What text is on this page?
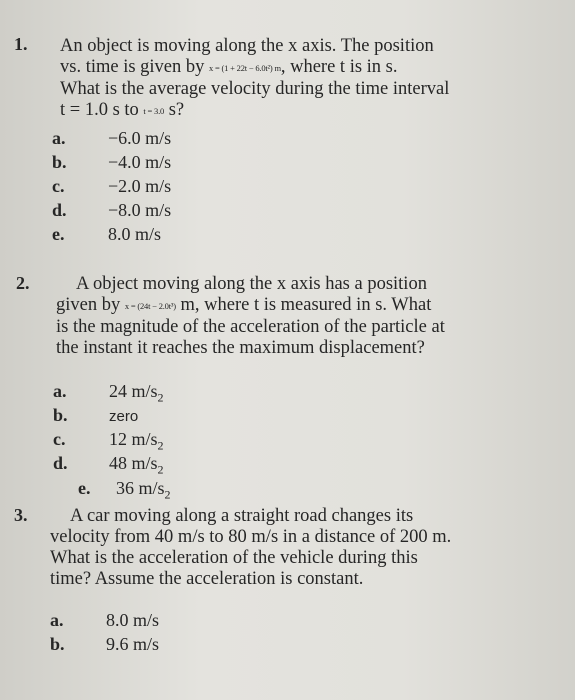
1. An object is moving along the x axis. The position
vs. time is given by x = (1 + 22t − 6.0t²) m, where t is in s.
What is the average velocity during the time interval
t = 1.0 s to t = 3.0 s?
a. −6.0 m/s
b. −4.0 m/s
c. −2.0 m/s
d. −8.0 m/s
e. 8.0 m/s
2.	A object moving along the x axis has a position
given by x = (24t − 2.0t³) m, where t is measured in s. What
is the magnitude of the acceleration of the particle at
the instant it reaches the maximum displacement?
a. 24 $m/s_2$
b.	zero
c. 12 $m/s_2$
d. 48 $m/s_2$
e. 36 $m/s_2$
3.	A car moving along a straight road changes its
velocity from 40 m/s to 80 m/s in a distance of 200 m.
What is the acceleration of the vehicle during this
time? Assume the acceleration is constant.
a. 8.0 m/s
b. 9.6 m/s
